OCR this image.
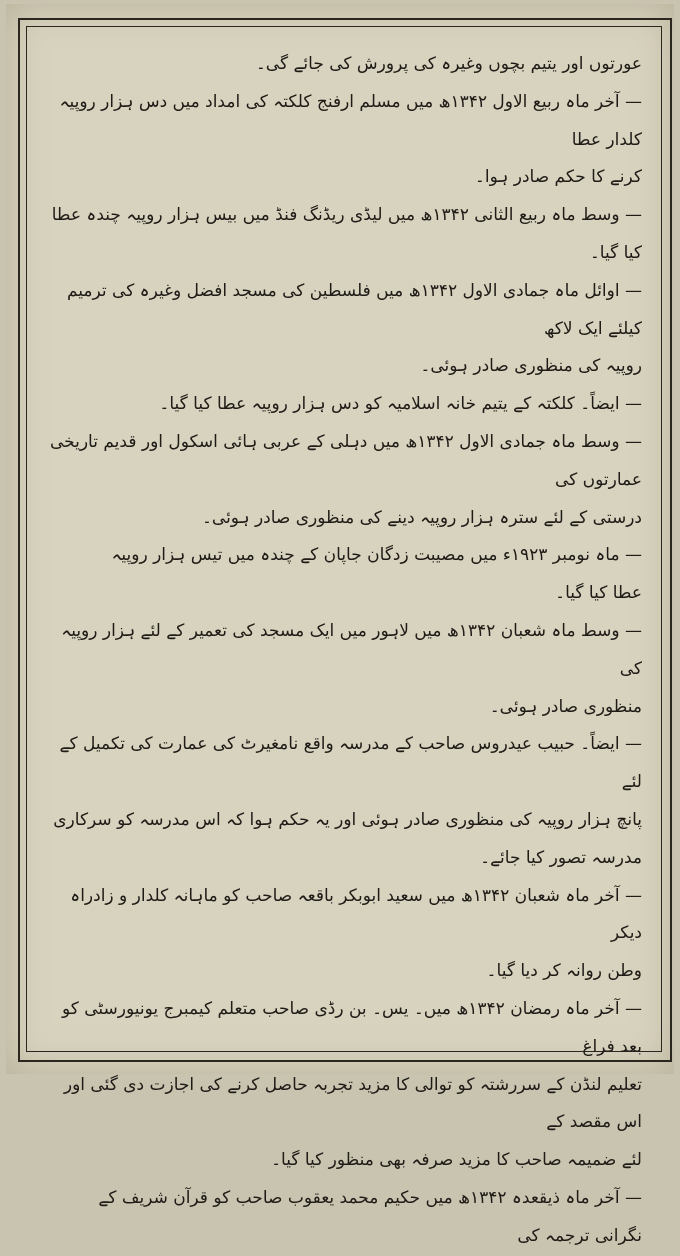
عورتوں اور یتیم بچوں وغیرہ کی پرورش کی جائے گی۔

— آخر ماہ ربیع الاول ۱۳۴۲ھ میں مسلم ارفنج کلکتہ کی امداد میں دس ہزار روپیہ کلدار عطا

کرنے کا حکم صادر ہوا۔

— وسط ماہ ربیع الثانی ۱۳۴۲ھ میں لیڈی ریڈنگ فنڈ میں بیس ہزار روپیہ چندہ عطا کیا گیا۔

— اوائل ماہ جمادی الاول ۱۳۴۲ھ میں فلسطین کی مسجد افضل وغیرہ کی ترمیم کیلئے ایک لاکھ

روپیہ کی منظوری صادر ہوئی۔

— ایضاً۔ کلکتہ کے یتیم خانہ اسلامیہ کو دس ہزار روپیہ عطا کیا گیا۔

— وسط ماہ جمادی الاول ۱۳۴۲ھ میں دہلی کے عربی ہائی اسکول اور قدیم تاریخی عمارتوں کی

درستی کے لئے سترہ ہزار روپیہ دینے کی منظوری صادر ہوئی۔

— ماہ نومبر ۱۹۲۳ء میں مصیبت زدگان جاپان کے چندہ میں تیس ہزار روپیہ

عطا کیا گیا۔

— وسط ماہ شعبان ۱۳۴۲ھ میں لاہور میں ایک مسجد کی تعمیر کے لئے ہزار روپیہ کی

منظوری صادر ہوئی۔

— ایضاً۔ حبیب عیدروس صاحب کے مدرسہ واقع نامغیرٹ کی عمارت کی تکمیل کے لئے

پانچ ہزار روپیہ کی منظوری صادر ہوئی اور یہ حکم ہوا کہ اس مدرسہ کو سرکاری مدرسہ تصور کیا جائے۔

— آخر ماہ شعبان ۱۳۴۲ھ میں سعید ابوبکر باقعہ صاحب کو ماہانہ کلدار و زادراہ دیکر

وطن روانہ کر دیا گیا۔

— آخر ماہ رمضان ۱۳۴۲ھ میں۔ یس۔ بن رڈی صاحب متعلم کیمبرج یونیورسٹی کو بعد فراغ

تعلیم لنڈن کے سررشتہ کو توالی کا مزید تجربہ حاصل کرنے کی اجازت دی گئی اور اس مقصد کے

لئے ضمیمہ صاحب کا مزید صرفہ بھی منظور کیا گیا۔

— آخر ماہ ذیقعدہ ۱۳۴۲ھ میں حکیم محمد یعقوب صاحب کو قرآن شریف کے نگرانی ترجمہ کی
